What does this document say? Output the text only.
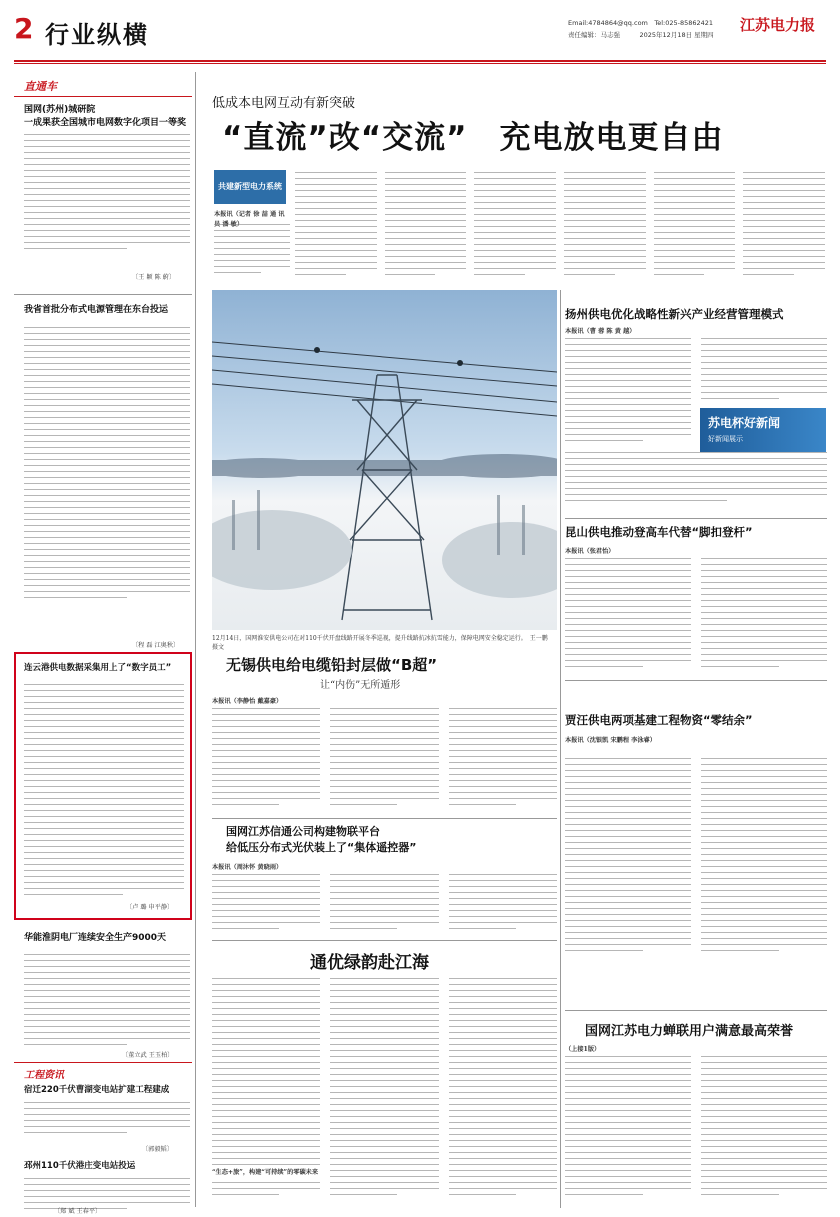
2 行业纵横	Email:4784864@qq.com　Tel:025-85862421
责任编辑：马志强　　　2025年12月18日 星期四
江苏电力报
直通车
国网(苏州)城研院
一成果获全国城市电网数字化项目一等奖
〔王 颖 陈 蔚〕
我省首批分布式电源管理在东台投运
〔程 磊 江奥秋〕
连云港供电数据采集用上了“数字员工”
〔卢 璐 申平静〕
华能淮阴电厂连续安全生产9000天
〔董立武 王玉柏〕
工程资讯
宿迁220千伏曹湖变电站扩建工程建成
〔郭毅韬〕
邳州110千伏港庄变电站投运
〔郑 斌 王春平〕
低成本电网互动有新突破
“直流”改“交流”　充电放电更自由
共建新型电力系统
本报讯（记者 徐 喆 通 讯
12月14日，国网淮安供电公司在对110千伏开盘线路开展冬季巡视，提升线路抗冰抗雪能力，保障电网安全稳定运行。　王一鹏　摄文
扬州供电优化战略性新兴产业经营管理模式
本报讯（曹 蓉 陈 黄 越）
苏电杯好新闻
好新闻展示
昆山供电推动登高车代替“脚扣登杆”
本报讯（张君怡）
无锡供电给电缆铅封层做“B超”
让“内伤”无所遁形
本报讯（李静怡 戴嘉豪）
国网江苏信通公司构建物联平台
给低压分布式光伏装上了“集体遥控器”
本报讯（周沐怀 黄晓雨）
贾汪供电两项基建工程物资“零结余”
本报讯（沈银凯 宋鹏程 李泳睿）
通优绿韵赴江海
“生态+旅”，构建“可持续”的零碳未来
国网江苏电力蝉联用户满意最高荣誉
（上接1版）
